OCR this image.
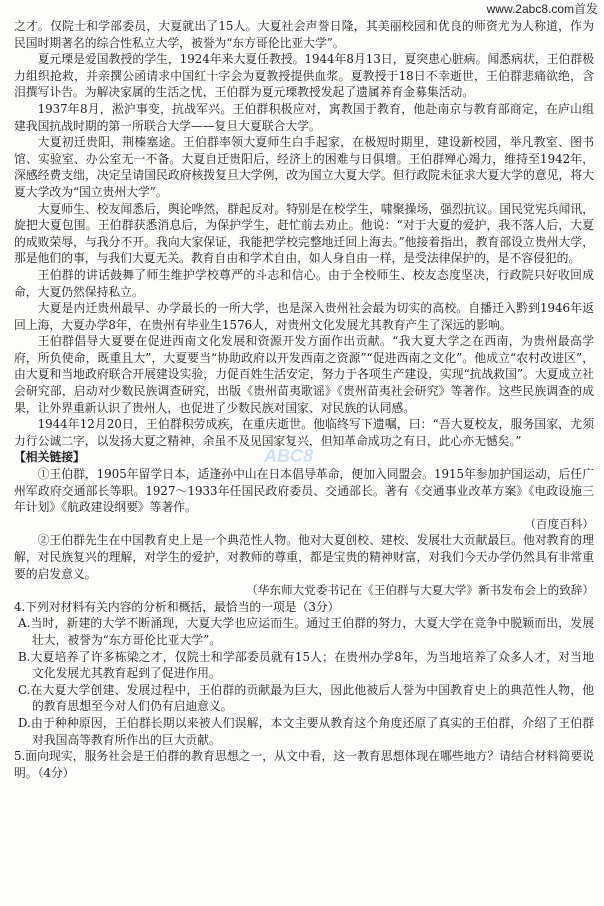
www.2abc8.com首发
ABC8

之才。仅院士和学部委员，大夏就出了15人。大夏社会声誉日隆，其美丽校园和优良的师资尤为人称道，作为民国时期著名的综合性私立大学，被誉为“东方哥伦比亚大学”。

夏元瑮是爱国教授的学生，1924年来大夏任教授。1944年8月13日，夏突患心脏病。闻悉病状，王伯群极力组织抢救，并亲撰公函请求中国红十字会为夏教授提供血浆。夏教授于18日不幸逝世，王伯群悲痛欲绝，含泪撰写讣告。为解决家属的生活之忧，王伯群为夏元瑮教授发起了遗属养育金募集活动。

1937年8月，淞沪事变，抗战军兴。王伯群积极应对，寓教国于教育，他赴南京与教育部商定，在庐山组建我国抗战时期的第一所联合大学——复旦大夏联合大学。

大夏初迁贵阳，荆榛塞途。王伯群率领大夏师生白手起家，在极短时期里，建设新校园，举凡教室、图书馆、实验室、办公室无一不备。大夏自迁贵阳后，经济上的困难与日俱增。王伯群殚心竭力，维持至1942年，深感经费支绌，决定呈请国民政府核拨复旦大学例，改为国立大夏大学。但行政院未征求大夏大学的意见，将大夏大学改为“国立贵州大学”。

大夏师生、校友闻悉后，舆论哗然，群起反对。特别是在校学生，啸聚操场，强烈抗议。国民党宪兵闻讯，旋把大夏包围。王伯群获悉消息后，为保护学生，赶忙前去劝止。他说：“对于大夏的爱护，我不落人后，大夏的成败荣辱，与我分不开。我向大家保证，我能把学校完整地迁回上海去。”他接着指出，教育部设立贵州大学，那是他们的事，与我们大夏无关。教育自由和学术自由，如人身自由一样，是受法律保护的，是不容侵犯的。

王伯群的讲话鼓舞了师生维护学校尊严的斗志和信心。由于全校师生、校友态度坚决，行政院只好收回成命，大夏仍然保持私立。

大夏是内迁贵州最早、办学最长的一所大学，也是深入贵州社会最为切实的高校。自播迁入黔到1946年返回上海，大夏办学8年，在贵州有毕业生1576人，对贵州文化发展尤其教育产生了深远的影响。

王伯群倡导大夏要在促进西南文化发展和资源开发方面作出贡献。“我大夏大学之在西南，为贵州最高学府，所负使命，既重且大”，大夏要当“协助政府以开发西南之资源”“促进西南之文化”。他成立“农村改进区”，由大夏和当地政府联合开展建设实验，力促百姓生活安定，努力于各项生产建设，实现“抗战救国”。大夏成立社会研究部，启动对少数民族调查研究，出版《贵州苗夷歌谣》《贵州苗夷社会研究》等著作。这些民族调查的成果，让外界重新认识了贵州人，也促进了少数民族对国家、对民族的认同感。

1944年12月20日，王伯群积劳成疾，在重庆逝世。他临终写下遗嘱，曰：“吾大夏校友，服务国家，尤须力行公诚二字，以发扬大夏之精神，余虽不及见国家复兴，但知革命成功之有日，此心亦无憾矣。”

【相关链接】

①王伯群，1905年留学日本，适逢孙中山在日本倡导革命，便加入同盟会。1915年参加护国运动，后任广州军政府交通部长等职。1927～1933年任国民政府委员、交通部长。著有《交通事业改革方案》《电政设施三年计划》《航政建设纲要》等著作。

（百度百科）

②王伯群先生在中国教育史上是一个典范性人物。他对大夏创校、建校、发展壮大贡献最巨。他对教育的理解，对民族复兴的理解，对学生的爱护，对教师的尊重，都是宝贵的精神财富，对我们今天办学仍然具有非常重要的启发意义。

（华东师大党委书记在《王伯群与大夏大学》新书发布会上的致辞）

4.下列对材料有关内容的分析和概括，最恰当的一项是（3分）

A.当时，新建的大学不断涌现，大夏大学也应运而生。通过王伯群的努力，大夏大学在竞争中脱颖而出，发展壮大，被誉为“东方哥伦比亚大学”。

B.大夏培养了许多栋梁之才，仅院士和学部委员就有15人；在贵州办学8年，为当地培养了众多人才，对当地文化发展尤其教育起到了促进作用。

C.在大夏大学创建、发展过程中，王伯群的贡献最为巨大，因此他被后人誉为中国教育史上的典范性人物，他的教育思想至今对人们仍有启迪意义。

D.由于种种原因，王伯群长期以来被人们误解，本文主要从教育这个角度还原了真实的王伯群，介绍了王伯群对我国高等教育所作出的巨大贡献。

5.面向现实，服务社会是王伯群的教育思想之一，从文中看，这一教育思想体现在哪些地方？请结合材料简要说明。（4分）
